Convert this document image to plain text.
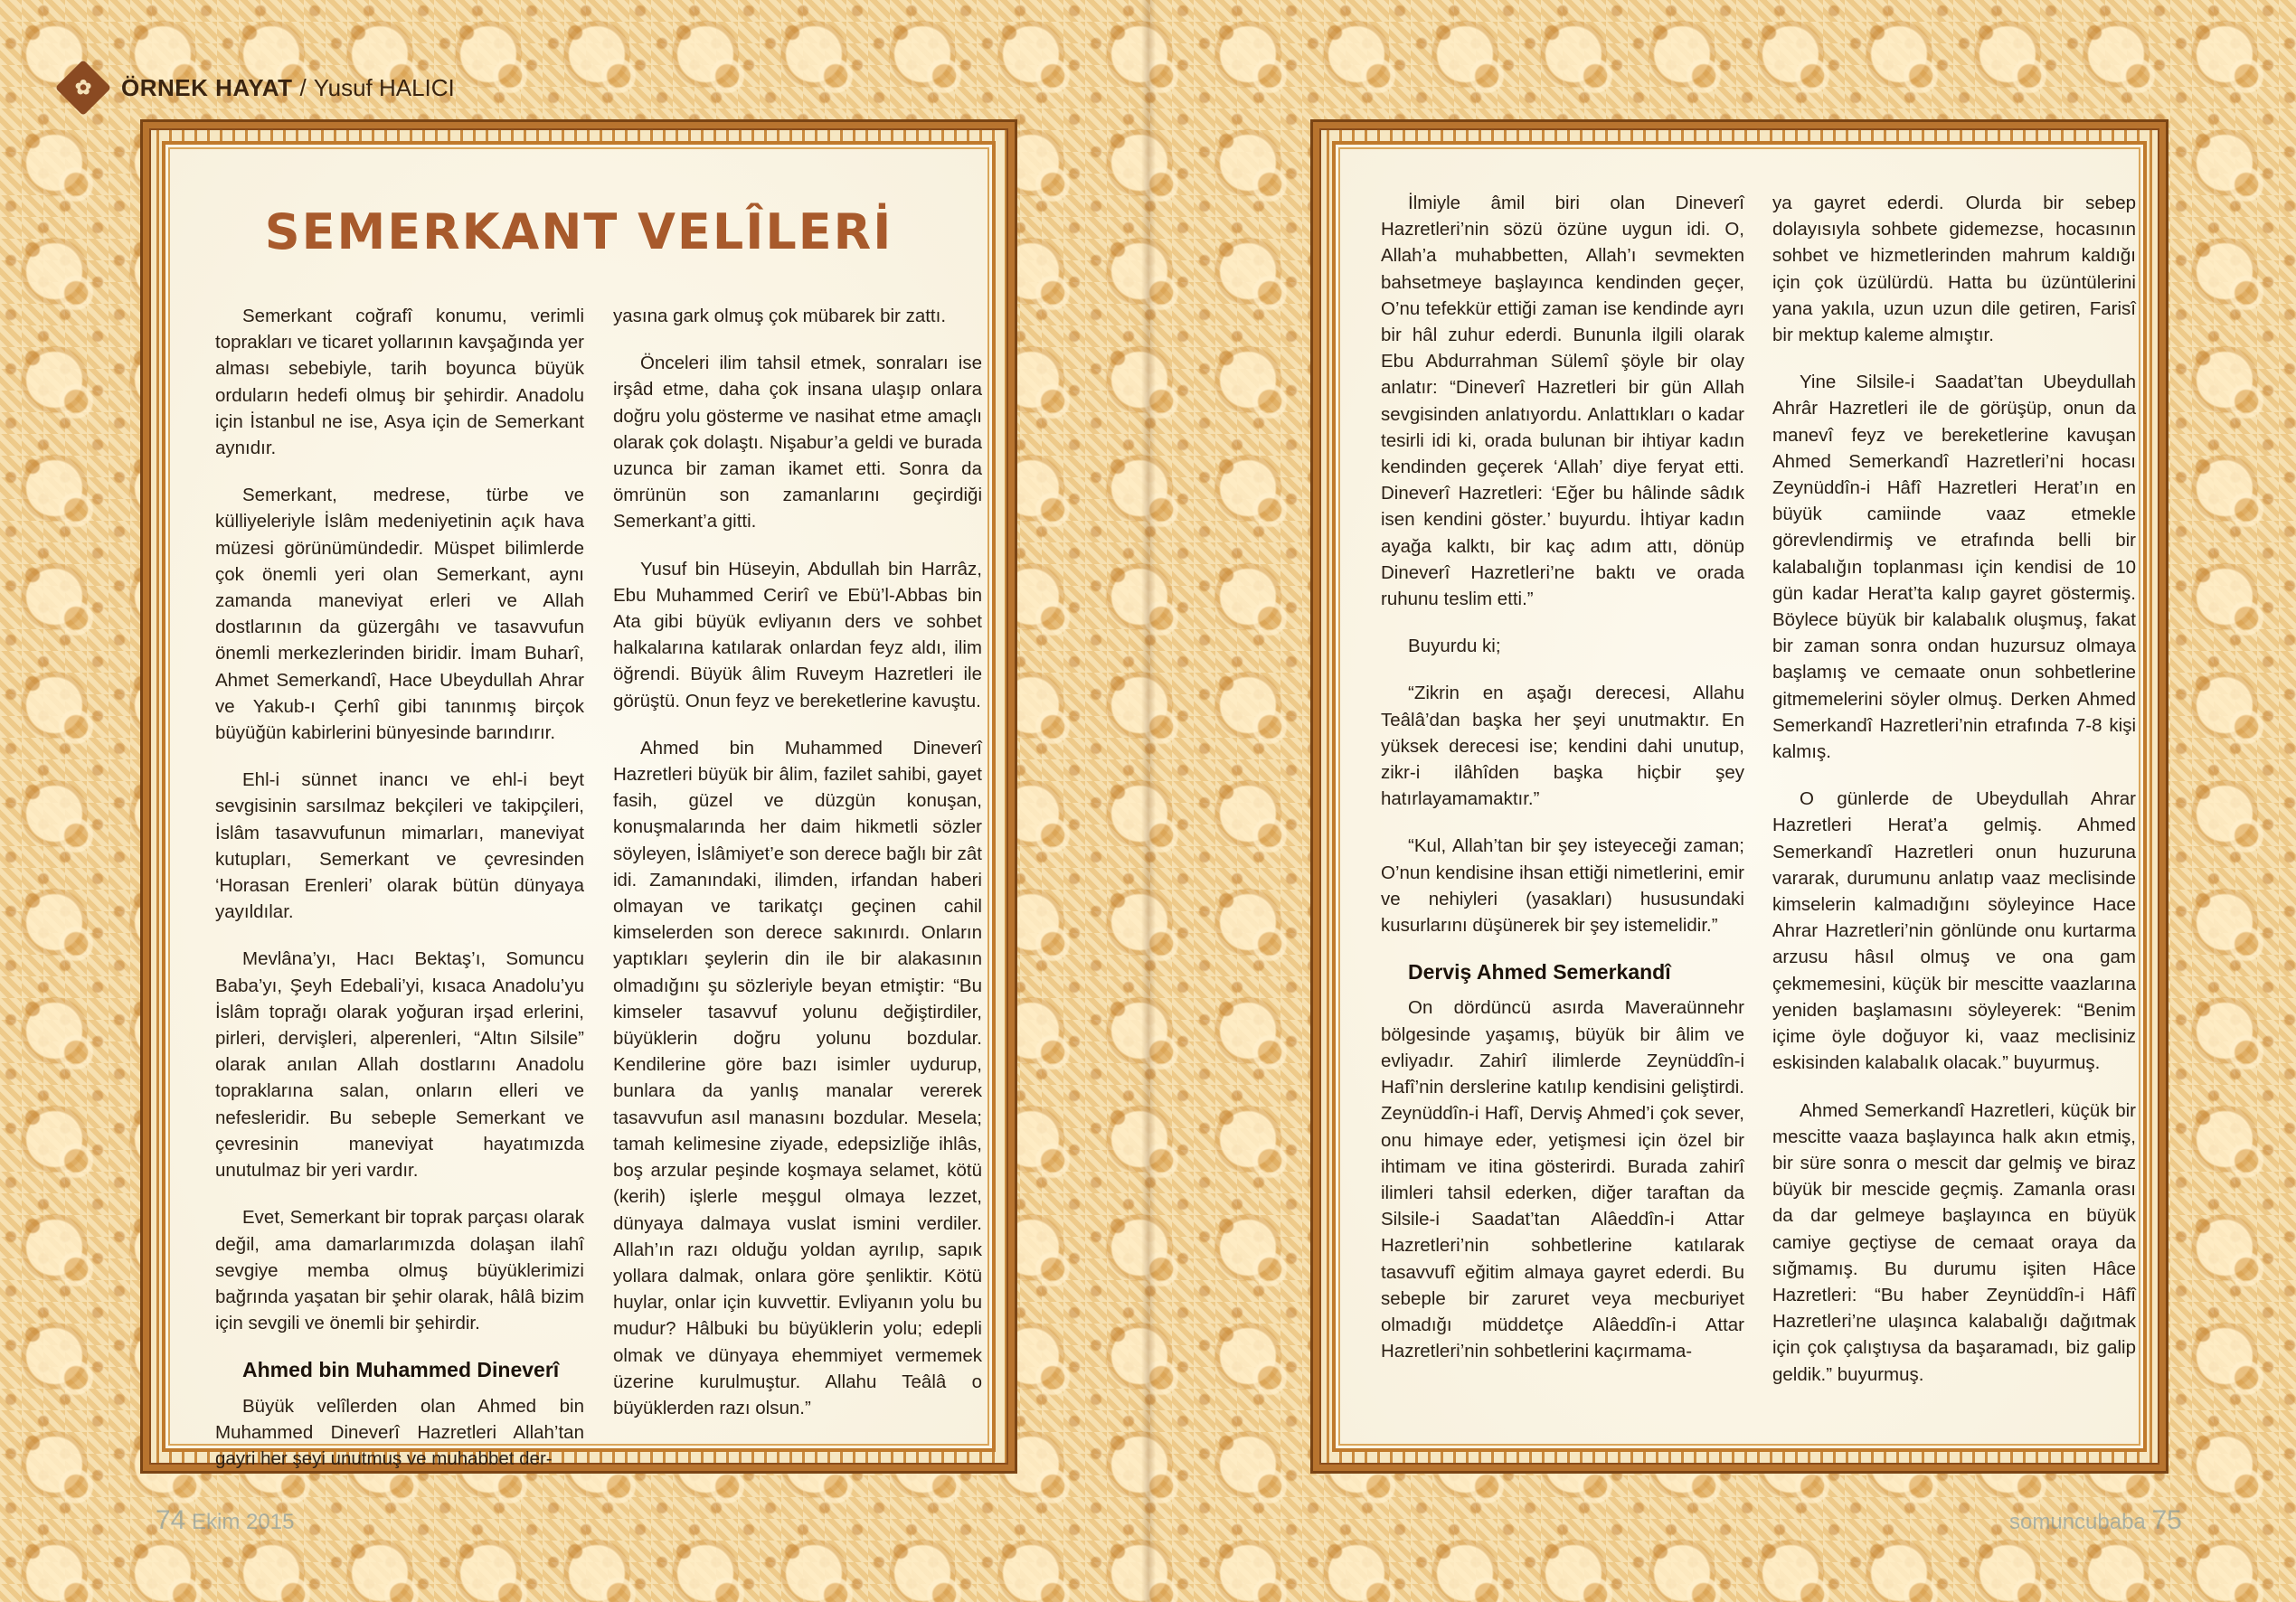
✿ ÖRNEK HAYAT / Yusuf HALICI
SEMERKANT VELÎLERİ

Semerkant coğrafî konumu, verimli toprakları ve ticaret yollarının kavşağında yer alması sebebiyle, tarih boyunca büyük orduların hedefi olmuş bir şehirdir. Anadolu için İstanbul ne ise, Asya için de Semerkant aynıdır.

Semerkant, medrese, türbe ve külliyeleriyle İslâm medeniyetinin açık hava müzesi görünümündedir. Müspet bilimlerde çok önemli yeri olan Semerkant, aynı zamanda maneviyat erleri ve Allah dostlarının da güzergâhı ve tasavvufun önemli merkezlerinden biridir. İmam Buharî, Ahmet Semerkandî, Hace Ubeydullah Ahrar ve Yakub-ı Çerhî gibi tanınmış birçok büyüğün kabirlerini bünyesinde barındırır.

Ehl-i sünnet inancı ve ehl-i beyt sevgisinin sarsılmaz bekçileri ve takipçileri, İslâm tasavvufunun mimarları, maneviyat kutupları, Semerkant ve çevresinden ‘Horasan Erenleri’ olarak bütün dünyaya yayıldılar.

Mevlâna’yı, Hacı Bektaş’ı, Somuncu Baba’yı, Şeyh Edebali’yi, kısaca Anadolu’yu İslâm toprağı olarak yoğuran irşad erlerini, pirleri, dervişleri, alperenleri, “Altın Silsile” olarak anılan Allah dostlarını Anadolu topraklarına salan, onların elleri ve nefesleridir. Bu sebeple Semerkant ve çevresinin maneviyat hayatımızda unutulmaz bir yeri vardır.

Evet, Semerkant bir toprak parçası olarak değil, ama damarlarımızda dolaşan ilahî sevgiye memba olmuş büyüklerimizi bağrında yaşatan bir şehir olarak, hâlâ bizim için sevgili ve önemli bir şehirdir.

Ahmed bin Muhammed Dineverî

Büyük velîlerden olan Ahmed bin Muhammed Dineverî Hazretleri Allah’tan gayri her şeyi unutmuş ve muhabbet der-

yasına gark olmuş çok mübarek bir zattı.

Önceleri ilim tahsil etmek, sonraları ise irşâd etme, daha çok insana ulaşıp onlara doğru yolu gösterme ve nasihat etme amaçlı olarak çok dolaştı. Nişabur’a geldi ve burada uzunca bir zaman ikamet etti. Sonra da ömrünün son zamanlarını geçirdiği Semerkant’a gitti.

Yusuf bin Hüseyin, Abdullah bin Harrâz, Ebu Muhammed Cerirî ve Ebü’l-Abbas bin Ata gibi büyük evliyanın ders ve sohbet halkalarına katılarak onlardan feyz aldı, ilim öğrendi. Büyük âlim Ruveym Hazretleri ile görüştü. Onun feyz ve bereketlerine kavuştu.

Ahmed bin Muhammed Dineverî Hazretleri büyük bir âlim, fazilet sahibi, gayet fasih, güzel ve düzgün konuşan, konuşmalarında her daim hikmetli sözler söyleyen, İslâmiyet’e son derece bağlı bir zât idi. Zamanındaki, ilimden, irfandan haberi olmayan ve tarikatçı geçinen cahil kimselerden son derece sakınırdı. Onların yaptıkları şeylerin din ile bir alakasının olmadığını şu sözleriyle beyan etmiştir: “Bu kimseler tasavvuf yolunu değiştirdiler, büyüklerin doğru yolunu bozdular. Kendilerine göre bazı isimler uydurup, bunlara da yanlış manalar vererek tasavvufun asıl manasını bozdular. Mesela; tamah kelimesine ziyade, edepsizliğe ihlâs, boş arzular peşinde koşmaya selamet, kötü (kerih) işlerle meşgul olmaya lezzet, dünyaya dalmaya vuslat ismini verdiler. Allah’ın razı olduğu yoldan ayrılıp, sapık yollara dalmak, onlara göre şenliktir. Kötü huylar, onlar için kuvvettir. Evliyanın yolu bu mudur? Hâlbuki bu büyüklerin yolu; edepli olmak ve dünyaya ehemmiyet vermemek üzerine kurulmuştur. Allahu Teâlâ o büyüklerden razı olsun.”

İlmiyle âmil biri olan Dineverî Hazretleri’nin sözü özüne uygun idi. O, Allah’a muhabbetten, Allah’ı sevmekten bahsetmeye başlayınca kendinden geçer, O’nu tefekkür ettiği zaman ise kendinde ayrı bir hâl zuhur ederdi. Bununla ilgili olarak Ebu Abdurrahman Sülemî şöyle bir olay anlatır: “Dineverî Hazretleri bir gün Allah sevgisinden anlatıyordu. Anlattıkları o kadar tesirli idi ki, orada bulunan bir ihtiyar kadın kendinden geçerek ‘Allah’ diye feryat etti. Dineverî Hazretleri: ‘Eğer bu hâlinde sâdık isen kendini göster.’ buyurdu. İhtiyar kadın ayağa kalktı, bir kaç adım attı, dönüp Dineverî Hazretleri’ne baktı ve orada ruhunu teslim etti.”

Buyurdu ki;

“Zikrin en aşağı derecesi, Allahu Teâlâ’dan başka her şeyi unutmaktır. En yüksek derecesi ise; kendini dahi unutup, zikr-i ilâhîden başka hiçbir şey hatırlayamamaktır.”

“Kul, Allah’tan bir şey isteyeceği zaman; O’nun kendisine ihsan ettiği nimetlerini, emir ve nehiyleri (yasakları) hususundaki kusurlarını düşünerek bir şey istemelidir.”

Derviş Ahmed Semerkandî

On dördüncü asırda Maveraünnehr bölgesinde yaşamış, büyük bir âlim ve evliyadır. Zahirî ilimlerde Zeynüddîn-i Hafî’nin derslerine katılıp kendisini geliştirdi. Zeynüddîn-i Hafî, Derviş Ahmed’i çok sever, onu himaye eder, yetişmesi için özel bir ihtimam ve itina gösterirdi. Burada zahirî ilimleri tahsil ederken, diğer taraftan da Silsile-i Saadat’tan Alâeddîn-i Attar Hazretleri’nin sohbetlerine katılarak tasavvufî eğitim almaya gayret ederdi. Bu sebeple bir zaruret veya mecburiyet olmadığı müddetçe Alâeddîn-i Attar Hazretleri’nin sohbetlerini kaçırmama-

ya gayret ederdi. Olurda bir sebep dolayısıyla sohbete gidemezse, hocasının sohbet ve hizmetlerinden mahrum kaldığı için çok üzülürdü. Hatta bu üzüntülerini yana yakıla, uzun uzun dile getiren, Farisî bir mektup kaleme almıştır.

Yine Silsile-i Saadat’tan Ubeydullah Ahrâr Hazretleri ile de görüşüp, onun da manevî feyz ve bereketlerine kavuşan Ahmed Semerkandî Hazretleri’ni hocası Zeynüddîn-i Hâfî Hazretleri Herat’ın en büyük camiinde vaaz etmekle görevlendirmiş ve etrafında belli bir kalabalığın toplanması için kendisi de 10 gün kadar Herat’ta kalıp gayret göstermiş. Böylece büyük bir kalabalık oluşmuş, fakat bir zaman sonra ondan huzursuz olmaya başlamış ve cemaate onun sohbetlerine gitmemelerini söyler olmuş. Derken Ahmed Semerkandî Hazretleri’nin etrafında 7-8 kişi kalmış.

O günlerde de Ubeydullah Ahrar Hazretleri Herat’a gelmiş. Ahmed Semerkandî Hazretleri onun huzuruna vararak, durumunu anlatıp vaaz meclisinde kimselerin kalmadığını söyleyince Hace Ahrar Hazretleri’nin gönlünde onu kurtarma arzusu hâsıl olmuş ve ona gam çekmemesini, küçük bir mescitte vaazlarına yeniden başlamasını söyleyerek: “Benim içime öyle doğuyor ki, vaaz meclisiniz eskisinden kalabalık olacak.” buyurmuş.

Ahmed Semerkandî Hazretleri, küçük bir mescitte vaaza başlayınca halk akın etmiş, bir süre sonra o mescit dar gelmiş ve biraz büyük bir mescide geçmiş. Zamanla orası da dar gelmeye başlayınca en büyük camiye geçtiyse de cemaat oraya da sığmamış. Bu durumu işiten Hâce Hazretleri: “Bu haber Zeynüddîn-i Hâfî Hazretleri’ne ulaşınca kalabalığı dağıtmak için çok çalıştıysa da başaramadı, biz galip geldik.” buyurmuş.

74 Ekim 2015	somuncubaba 75
